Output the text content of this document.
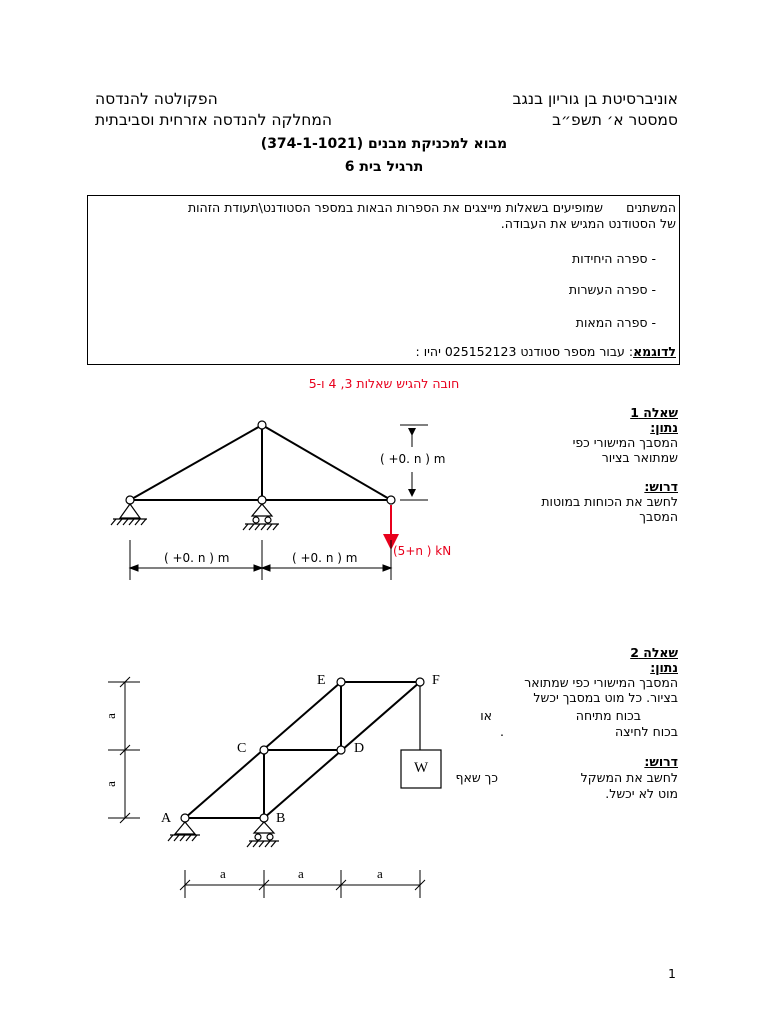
אוניברסיטת בן גוריון בנגב
הפקולטה להנדסה
סמסטר א׳ תשפ״ב
המחלקה להנדסה אזרחית וסביבתית
מבוא למכניקת מבנים (374-1-1021)
תרגיל בית 6
המשתנים
שמופיעים בשאלות מייצגים את הספרות הבאות במספר הסטודנט\תעודת הזהות
של הסטודנט המגיש את העבודה.
- ספרה היחידות
- ספרה העשרות
- ספרה המאות
לדוגמא: עבור מספר סטודנט 025152123 יהיו :
חובה להגיש שאלות 3, 4 ו-5
שאלה 1
נתון:
המסבך המישורי כפי
שמתואר בציור
דרוש:
לחשב את הכוחות במוטות
המסבך
( +0. n ) m
( +0. n ) m	( +0. n ) m	(5+n ) kN
שאלה 2
נתון:
המסבך המישורי כפי שמתואר
בציור. כל מוט במסבך יכשל
בכוח מתיחה
או
בכוח לחיצה
.
דרוש:
לחשב את המשקל
כך שאף
מוט לא יכשל.
A	B
C	D
E	F
W
a
a
a	a	a
1
